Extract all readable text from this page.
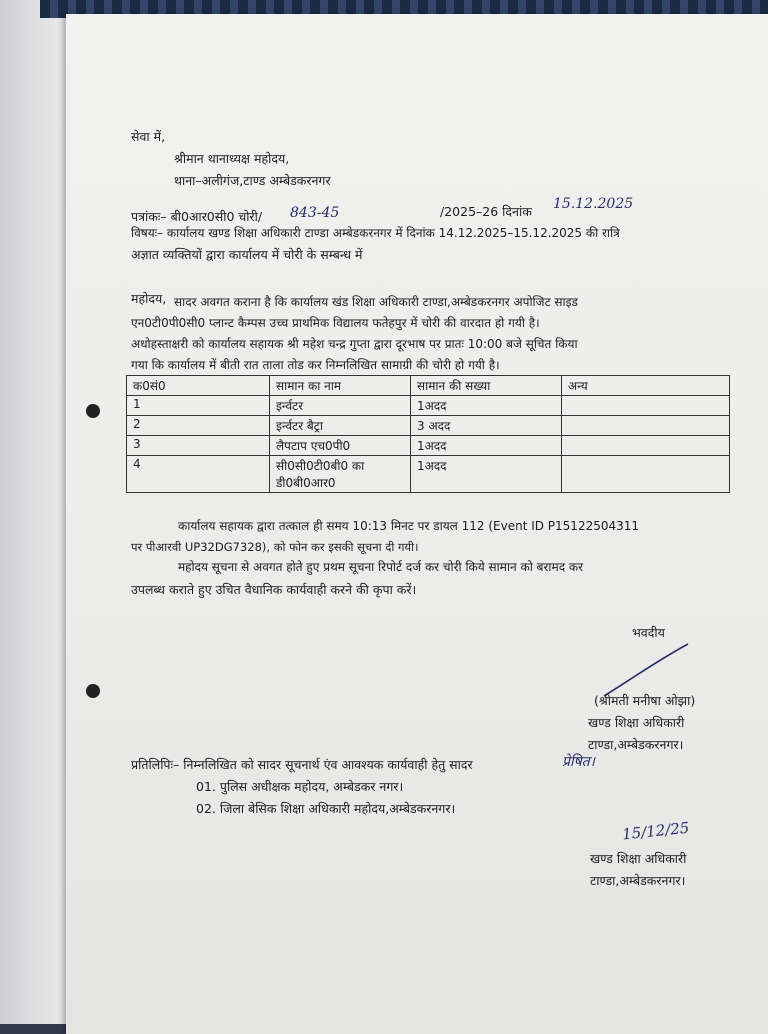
सेवा में,
श्रीमान थानाध्यक्ष महोदय,
थाना–अलीगंज,टाण्ड अम्बेडकरनगर
पत्रांकः– बी0आर0सी0 चोरी/ 843-45	/2025–26 दिनांक 15.12.2025
विषयः– कार्यालय खण्ड शिक्षा अधिकारी टाण्डा अम्बेडकरनगर में दिनांक 14.12.2025–15.12.2025 की रात्रि
अज्ञात व्यक्तियों द्वारा कार्यालय में चोरी के सम्बन्ध में
महोदय, सादर अवगत कराना है कि कार्यालय खंड शिक्षा अधिकारी टाण्डा,अम्बेडकरनगर अपोजिट साइड
एन0टी0पी0सी0 प्लान्ट कैम्पस उच्च प्राथमिक विद्यालय फतेहपुर में चोरी की वारदात हो गयी है।
अधोहस्ताक्षरी को कार्यालय सहायक श्री महेश चन्द्र गुप्ता द्वारा दूरभाष पर प्रातः 10:00 बजे सूचित किया
गया कि कार्यालय में बीती रात ताला तोड कर निम्नलिखित सामाग्री की चोरी हो गयी है।
क0सं0	सामान का नाम	सामान की सख्या	अन्य
1	इर्न्वटर	1अदद	
2	इर्न्वटर बैट्रा	3 अदद	
3	लैपटाप एच0पी0	1अदद	
4	सी0सी0टी0बी0 का डी0बी0आर0	1अदद	
कार्यालय सहायक द्वारा तत्काल ही समय 10:13 मिनट पर डायल 112 (Event ID P15122504311
पर पीआरवी UP32DG7328), को फोन कर इसकी सूचना दी गयी।
महोदय सूचना से अवगत होते हुए प्रथम सूचना रिपोर्ट दर्ज कर चोरी किये सामान को बरामद कर
उपलब्ध कराते हुए उचित वैधानिक कार्यवाही करने की कृपा करें।
भवदीय
(श्रीमती मनीषा ओझा)
खण्ड शिक्षा अधिकारी
टाण्डा,अम्बेडकरनगर।
प्रतिलिपिः– निम्नलिखित को सादर सूचनार्थ एंव आवश्यक कार्यवाही हेतु सादर	प्रेषित।
01. पुलिस अधीक्षक महोदय, अम्बेडकर नगर।
02. जिला बेसिक शिक्षा अधिकारी महोदय,अम्बेडकरनगर।
15/12/25
खण्ड शिक्षा अधिकारी
टाण्डा,अम्बेडकरनगर।
